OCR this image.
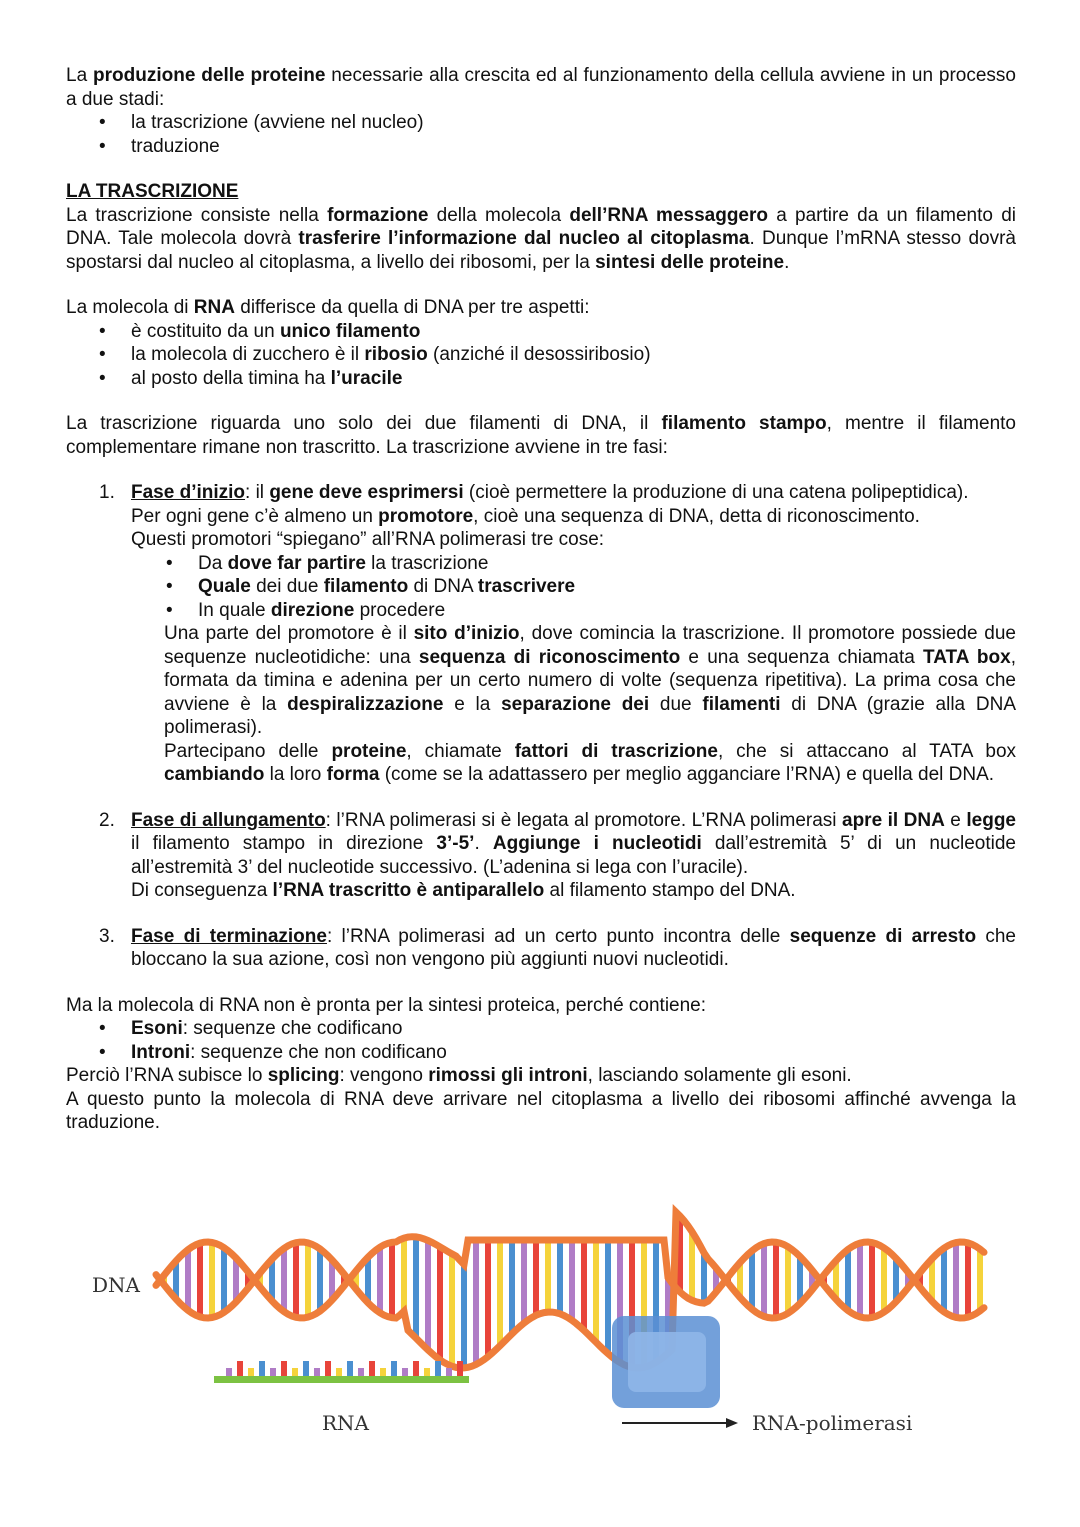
La produzione delle proteine necessarie alla crescita ed al funzionamento della cellula avviene in un processo a due stadi:

• la trascrizione (avviene nel nucleo)
• traduzione

LA TRASCRIZIONE

La trascrizione consiste nella formazione della molecola dell’RNA messaggero a partire da un filamento di DNA. Tale molecola dovrà trasferire l’informazione dal nucleo al citoplasma. Dunque l’mRNA stesso dovrà spostarsi dal nucleo al citoplasma, a livello dei ribosomi, per la sintesi delle proteine.

La molecola di RNA differisce da quella di DNA per tre aspetti:

• è costituito da un unico filamento
• la molecola di zucchero è il ribosio (anziché il desossiribosio)
• al posto della timina ha l’uracile

La trascrizione riguarda uno solo dei due filamenti di DNA, il filamento stampo, mentre il filamento complementare rimane non trascritto. La trascrizione avviene in tre fasi:

1. Fase d’inizio: il gene deve esprimersi (cioè permettere la produzione di una catena polipeptidica).

Per ogni gene c’è almeno un promotore, cioè una sequenza di DNA, detta di riconoscimento.

Questi promotori “spiegano” all’RNA polimerasi tre cose:

• Da dove far partire la trascrizione
• Quale dei due filamento di DNA trascrivere
• In quale direzione procedere

Una parte del promotore è il sito d’inizio, dove comincia la trascrizione. Il promotore possiede due sequenze nucleotidiche: una sequenza di riconoscimento e una sequenza chiamata TATA box, formata da timina e adenina per un certo numero di volte (sequenza ripetitiva). La prima cosa che avviene è la despiralizzazione e la separazione dei due filamenti di DNA (grazie alla DNA polimerasi).

Partecipano delle proteine, chiamate fattori di trascrizione, che si attaccano al TATA box cambiando la loro forma (come se la adattassero per meglio agganciare l’RNA) e quella del DNA.

2. Fase di allungamento: l’RNA polimerasi si è legata al promotore. L’RNA polimerasi apre il DNA e legge il filamento stampo in direzione 3’-5’. Aggiunge i nucleotidi dall’estremità 5’ di un nucleotide all’estremità 3’ del nucleotide successivo. (L’adenina si lega con l’uracile).

Di conseguenza l’RNA trascritto è antiparallelo al filamento stampo del DNA.

3. Fase di terminazione: l’RNA polimerasi ad un certo punto incontra delle sequenze di arresto che bloccano la sua azione, così non vengono più aggiunti nuovi nucleotidi.

Ma la molecola di RNA non è pronta per la sintesi proteica, perché contiene:

• Esoni: sequenze che codificano
• Introni: sequenze che non codificano

Perciò l’RNA subisce lo splicing: vengono rimossi gli introni, lasciando solamente gli esoni.

A questo punto la molecola di RNA deve arrivare nel citoplasma a livello dei ribosomi affinché avvenga la traduzione.

DNA
RNA	RNA-polimerasi
